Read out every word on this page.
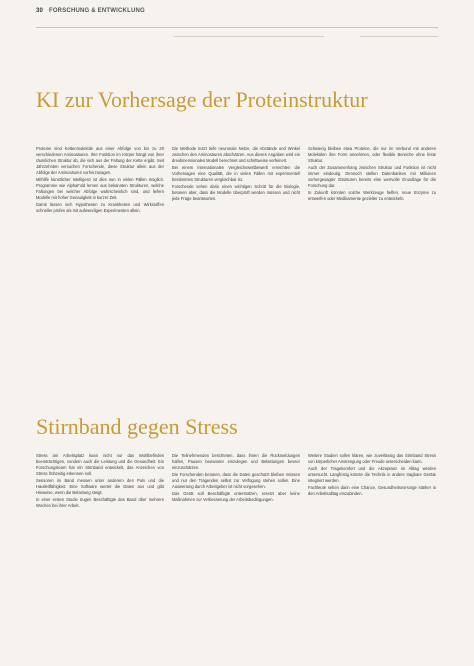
30 FORSCHUNG & ENTWICKLUNG
KI zur Vorhersage der Proteinstruktur

Proteine sind Kettenmoleküle aus einer Abfolge von bis zu 20 verschiedenen Aminosäuren. Ihre Funktion im Körper hängt von ihrer räumlichen Struktur ab, die sich aus der Faltung der Kette ergibt. Seit Jahrzehnten versuchen Forschende, diese Struktur allein aus der Abfolge der Aminosäuren vorherzusagen.

Mithilfe künstlicher Intelligenz ist dies nun in vielen Fällen möglich. Programme wie AlphaFold lernen aus bekannten Strukturen, welche Faltungen bei welcher Abfolge wahrscheinlich sind, und liefern Modelle mit hoher Genauigkeit in kurzer Zeit.

Damit lassen sich Hypothesen zu Krankheiten und Wirkstoffen schneller prüfen als mit aufwendigen Experimenten allein.

Die Methode nutzt tiefe neuronale Netze, die Abstände und Winkel zwischen den Aminosäuren abschätzen. Aus diesen Angaben wird ein dreidimensionales Modell berechnet und schrittweise verfeinert.

Bei einem internationalen Vergleichswettbewerb erreichten die Vorhersagen eine Qualität, die in vielen Fällen mit experimentell bestimmten Strukturen vergleichbar ist.

Forschende sehen darin einen wichtigen Schritt für die Biologie, betonen aber, dass die Modelle überprüft werden müssen und nicht jede Frage beantworten.

Schwierig bleiben etwa Proteine, die nur im Verbund mit anderen Molekülen ihre Form annehmen, oder flexible Bereiche ohne feste Struktur.

Auch der Zusammenhang zwischen Struktur und Funktion ist nicht immer eindeutig. Dennoch stellen Datenbanken mit Millionen vorhergesagter Strukturen bereits eine wertvolle Grundlage für die Forschung dar.

In Zukunft könnten solche Werkzeuge helfen, neue Enzyme zu entwerfen oder Medikamente gezielter zu entwickeln.

Stirnband gegen Stress

Stress am Arbeitsplatz kann nicht nur das Wohlbefinden beeinträchtigen, sondern auch die Leistung und die Gesundheit. Ein Forschungsteam hat ein Stirnband entwickelt, das Anzeichen von Stress frühzeitig erkennen soll.

Sensoren im Band messen unter anderem den Puls und die Hautleitfähigkeit. Eine Software wertet die Daten aus und gibt Hinweise, wenn die Belastung steigt.

In einer ersten Studie trugen Beschäftigte das Band über mehrere Wochen bei ihrer Arbeit.

Die Teilnehmenden berichteten, dass ihnen die Rückmeldungen halfen, Pausen bewusster einzulegen und Belastungen besser einzuschätzen.

Die Forschenden betonen, dass die Daten geschützt bleiben müssen und nur den Tragenden selbst zur Verfügung stehen sollen. Eine Auswertung durch Arbeitgeber ist nicht vorgesehen.

Das Gerät soll Beschäftigte unterstützen, ersetzt aber keine Maßnahmen zur Verbesserung der Arbeitsbedingungen.

Weitere Studien sollen klären, wie zuverlässig das Stirnband Stress von körperlicher Anstrengung oder Freude unterscheiden kann.

Auch der Tragekomfort und die Akzeptanz im Alltag werden untersucht. Langfristig könnte die Technik in andere tragbare Geräte integriert werden.

Fachleute sehen darin eine Chance, Gesundheitsvorsorge stärker in den Arbeitsalltag einzubinden.
